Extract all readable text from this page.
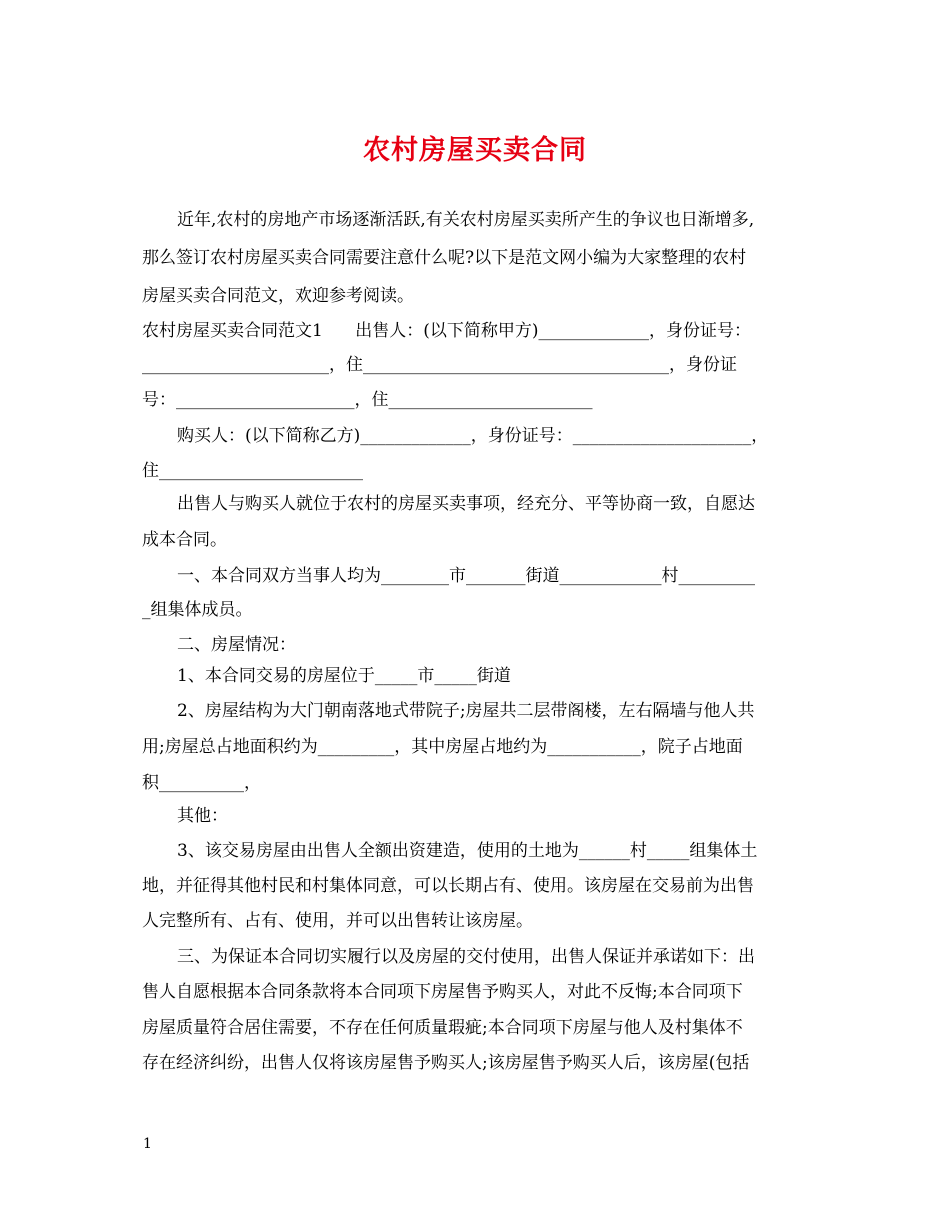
农村房屋买卖合同
近年,农村的房地产市场逐渐活跃,有关农村房屋买卖所产生的争议也日渐增多,
那么签订农村房屋买卖合同需要注意什么呢?以下是范文网小编为大家整理的农村
房屋买卖合同范文，欢迎参考阅读。
农村房屋买卖合同范文1      出售人：(以下简称甲方)_____________，身份证号：
______________________，住____________________________________，身份证
号：_____________________，住________________________
购买人：(以下简称乙方)_____________，身份证号：_____________________，
住________________________
出售人与购买人就位于农村的房屋买卖事项，经充分、平等协商一致，自愿达
成本合同。
一、本合同双方当事人均为________市_______街道____________村_________
_组集体成员。
二、房屋情况：
1、本合同交易的房屋位于_____市_____街道
2、房屋结构为大门朝南落地式带院子;房屋共二层带阁楼，左右隔墙与他人共
用;房屋总占地面积约为_________，其中房屋占地约为___________，院子占地面
积__________，
其他：
3、该交易房屋由出售人全额出资建造，使用的土地为______村_____组集体土
地，并征得其他村民和村集体同意，可以长期占有、使用。该房屋在交易前为出售
人完整所有、占有、使用，并可以出售转让该房屋。
三、为保证本合同切实履行以及房屋的交付使用，出售人保证并承诺如下：出
售人自愿根据本合同条款将本合同项下房屋售予购买人，对此不反悔;本合同项下
房屋质量符合居住需要，不存在任何质量瑕疵;本合同项下房屋与他人及村集体不
存在经济纠纷，出售人仅将该房屋售予购买人;该房屋售予购买人后，该房屋(包括
1
